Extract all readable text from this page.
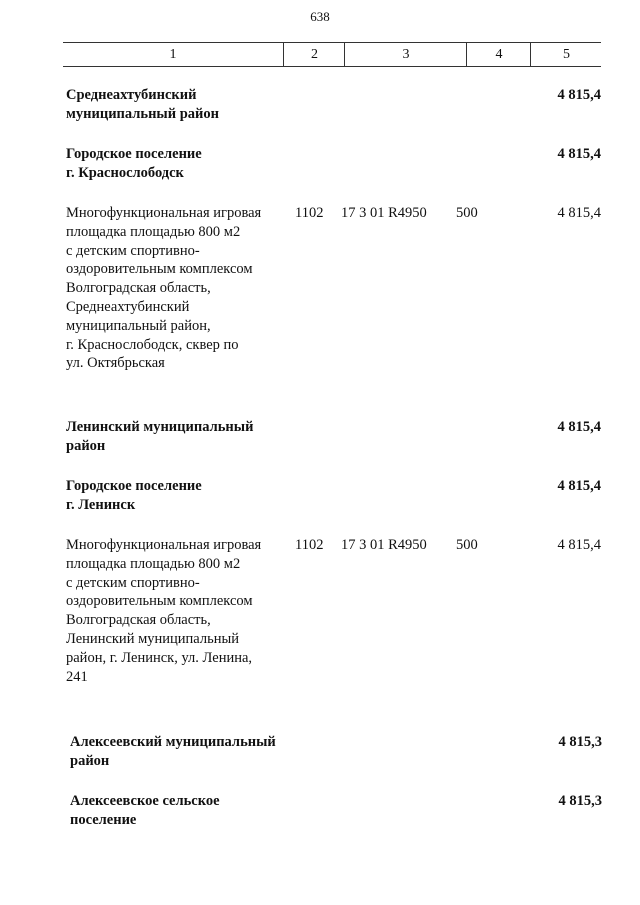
638
1	2	3	4	5
Среднеахтубинский
муниципальный район
4 815,4
Городское поселение
г. Краснослободск
4 815,4
Многофункциональная игровая
площадка площадью 800 м2
с детским спортивно-
оздоровительным комплексом
Волгоградская область,
Среднеахтубинский
муниципальный район,
г. Краснослободск, сквер по
ул. Октябрьская
1102 17 3 01 R4950 500	4 815,4
Ленинский муниципальный
район
4 815,4
Городское поселение
г. Ленинск
4 815,4
Многофункциональная игровая
площадка площадью 800 м2
с детским спортивно-
оздоровительным комплексом
Волгоградская область,
Ленинский муниципальный
район, г. Ленинск, ул. Ленина,
241
1102 17 3 01 R4950 500	4 815,4
Алексеевский муниципальный
район
4 815,3
Алексеевское сельское
поселение
4 815,3
